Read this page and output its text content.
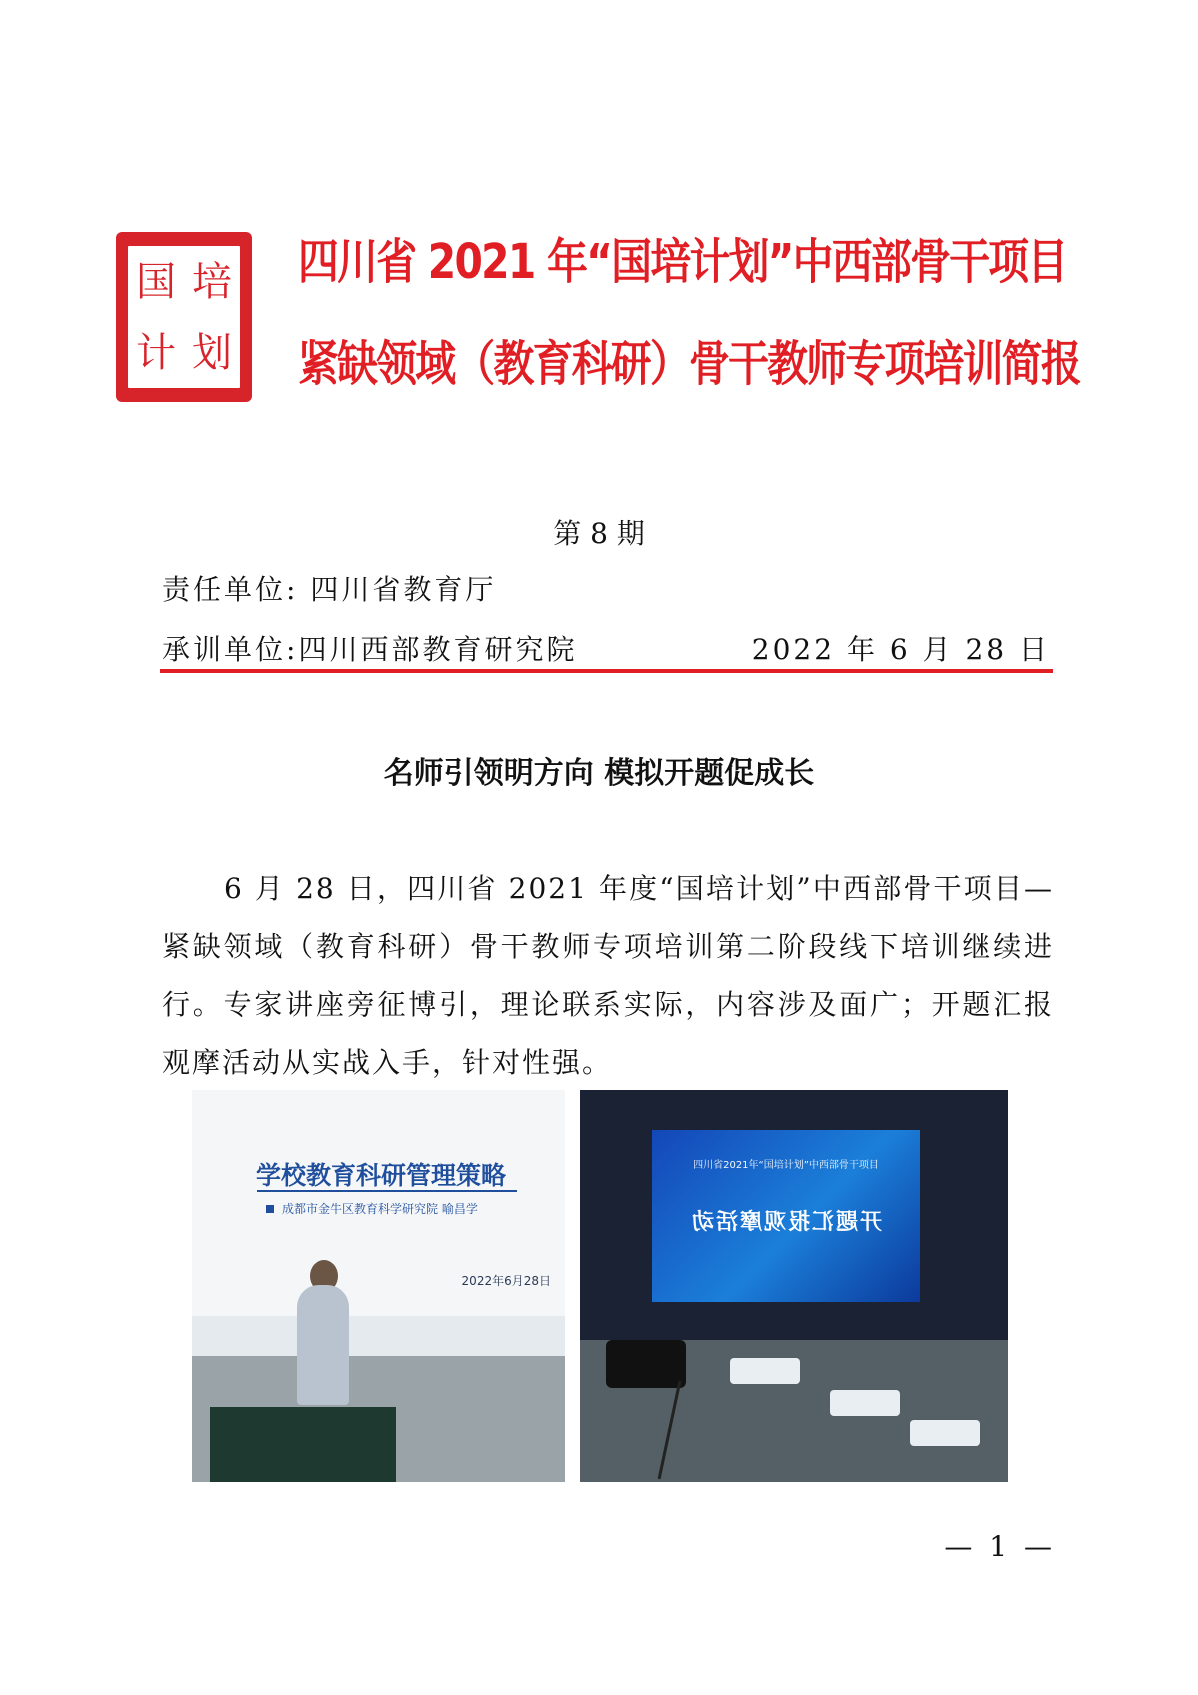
国 培
计 划
四川省 2021 年“国培计划”中西部骨干项目
紧缺领域（教育科研）骨干教师专项培训简报
第 8 期
责任单位: 四川省教育厅
承训单位:四川西部教育研究院	2022 年 6 月 28 日
名师引领明方向 模拟开题促成长
6 月 28 日，四川省 2021 年度“国培计划”中西部骨干项目—紧缺领域（教育科研）骨干教师专项培训第二阶段线下培训继续进行。专家讲座旁征博引，理论联系实际，内容涉及面广；开题汇报观摩活动从实战入手，针对性强。
学校教育科研管理策略
成都市金牛区教育科学研究院 喻昌学
2022年6月28日
四川省2021年“国培计划”中西部骨干项目
开题汇报观摩活动
— 1 —
